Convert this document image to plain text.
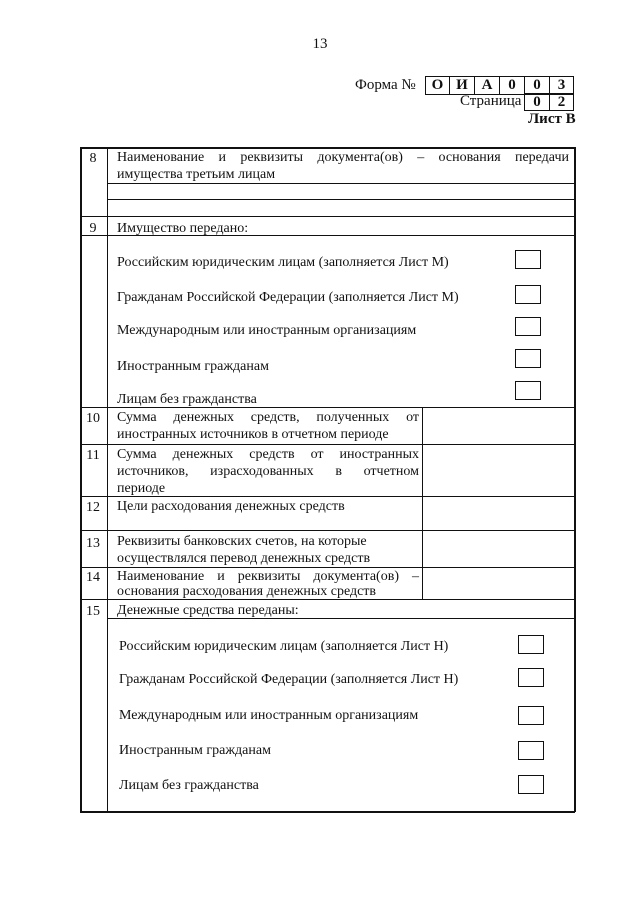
13
Форма №	О И А	0	0	3
Страница 0	2
Лист В
8	Наименование и реквизиты документа(ов) – основания передачи
имущества третьим лицам
9	Имущество передано:
Российским юридическим лицам (заполняется Лист М)
Гражданам Российской Федерации (заполняется Лист М)
Международным или иностранным организациям
Иностранным гражданам
Лицам без гражданства
10	Сумма денежных средств, полученных от
иностранных источников в отчетном периоде
11	Сумма денежных средств от иностранных
источников, израсходованных в отчетном
периоде
12	Цели расходования денежных средств
13	Реквизиты банковских счетов, на которые
осуществлялся перевод денежных средств
14	Наименование и реквизиты документа(ов) –
основания расходования денежных средств
15	Денежные средства переданы:
Российским юридическим лицам (заполняется Лист Н)
Гражданам Российской Федерации (заполняется Лист Н)
Международным или иностранным организациям
Иностранным гражданам
Лицам без гражданства
